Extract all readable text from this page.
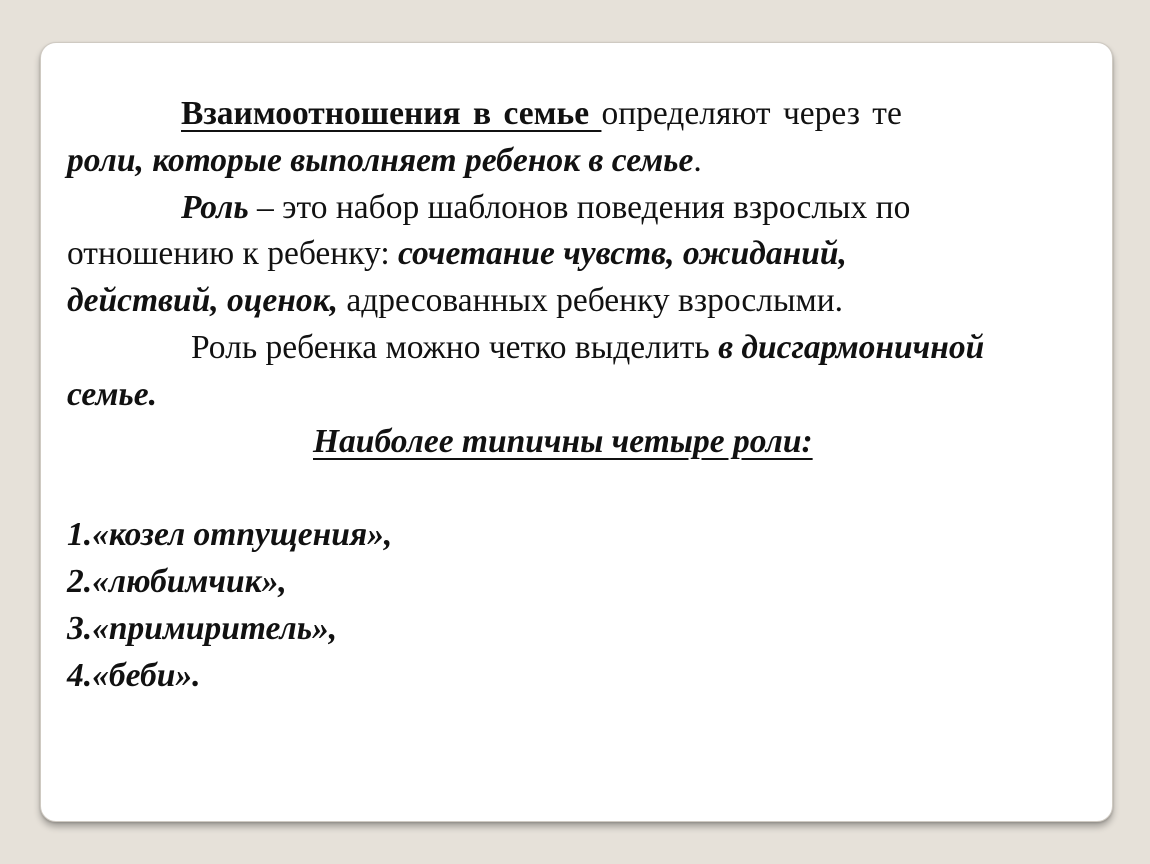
Взаимоотношения в семье определяют через те

роли, которые выполняет ребенок в семье.

Роль – это набор шаблонов поведения взрослых по

отношению к ребенку: сочетание чувств, ожиданий,

действий, оценок, адресованных ребенку взрослыми.

Роль ребенка можно четко выделить в дисгармоничной

семье.

Наиболее типичны четыре роли:

1.«козел отпущения»,

2.«любимчик»,

3.«примиритель»,

4.«беби».
